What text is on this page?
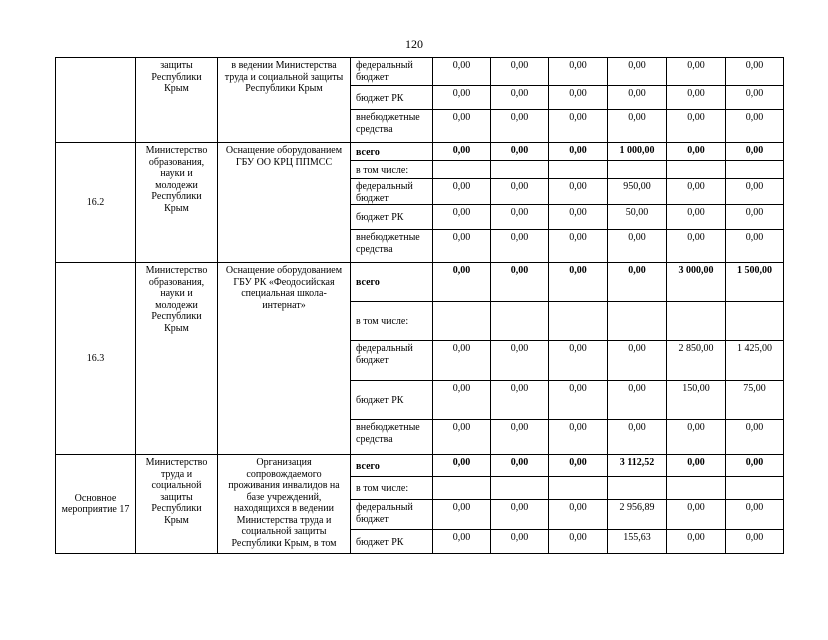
120
	защиты Республики Крым	в ведении Министерства труда и социальной защиты Республики Крым	федеральный бюджет	0,00	0,00	0,00	0,00	0,00	0,00
			бюджет РК	0,00	0,00	0,00	0,00	0,00	0,00
			внебюджетные средства	0,00	0,00	0,00	0,00	0,00	0,00
16.2	Министерство образования, науки и молодежи Республики Крым	Оснащение оборудованием ГБУ ОО КРЦ ППМСС	всего	0,00	0,00	0,00	1 000,00	0,00	0,00
			в том числе:						
			федеральный бюджет	0,00	0,00	0,00	950,00	0,00	0,00
			бюджет РК	0,00	0,00	0,00	50,00	0,00	0,00
			внебюджетные средства	0,00	0,00	0,00	0,00	0,00	0,00
16.3	Министерство образования, науки и молодежи Республики Крым	Оснащение оборудованием ГБУ РК «Феодосийская специальная школа-интернат»	всего	0,00	0,00	0,00	0,00	3 000,00	1 500,00
			в том числе:						
			федеральный бюджет	0,00	0,00	0,00	0,00	2 850,00	1 425,00
			бюджет РК	0,00	0,00	0,00	0,00	150,00	75,00
			внебюджетные средства	0,00	0,00	0,00	0,00	0,00	0,00
Основное мероприятие 17	Министерство труда и социальной защиты Республики Крым	Организация сопровождаемого проживания инвалидов на базе учреждений, находящихся в ведении Министерства труда и социальной защиты Республики Крым, в том	всего	0,00	0,00	0,00	3 112,52	0,00	0,00
			в том числе:						
			федеральный бюджет	0,00	0,00	0,00	2 956,89	0,00	0,00
			бюджет РК	0,00	0,00	0,00	155,63	0,00	0,00
